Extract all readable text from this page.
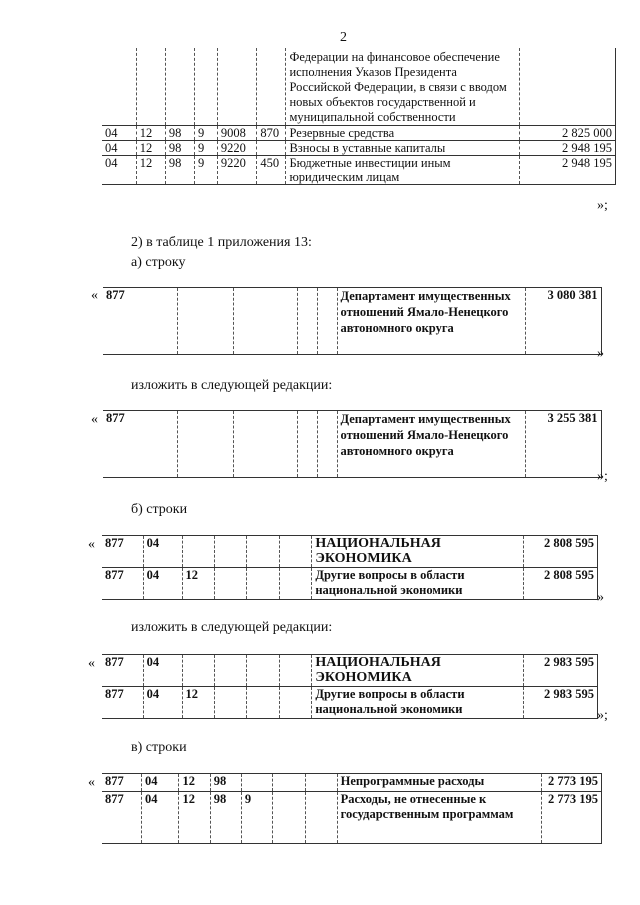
2
						Федерации на финансовое обеспечение исполнения Указов Президента Российской Федерации, в связи с вводом новых объектов государственной и муниципальной собственности	
04	12	98	9	9008	870	Резервные средства	2 825 000
04	12	98	9	9220		Взносы в уставные капиталы	2 948 195
04	12	98	9	9220	450	Бюджетные инвестиции иным юридическим лицам	2 948 195
»;
2) в таблице 1 приложения 13:
а) строку
« 877					Департамент имущественных отношений Ямало-Ненецкого автономного округа	3 080 381
»
изложить в следующей редакции:
« 877					Департамент имущественных отношений Ямало-Ненецкого автономного округа	3 255 381
»;
б) строки
« 877	04					НАЦИОНАЛЬНАЯ ЭКОНОМИКА	2 808 595
877	04	12				Другие вопросы в области национальной экономики	2 808 595
»
изложить в следующей редакции:
« 877	04					НАЦИОНАЛЬНАЯ ЭКОНОМИКА	2 983 595
877	04	12				Другие вопросы в области национальной экономики	2 983 595
»;
в) строки
« 877	04	12	98				Непрограммные расходы	2 773 195
877	04	12	98	9			Расходы, не отнесенные к государственным программам	2 773 195
